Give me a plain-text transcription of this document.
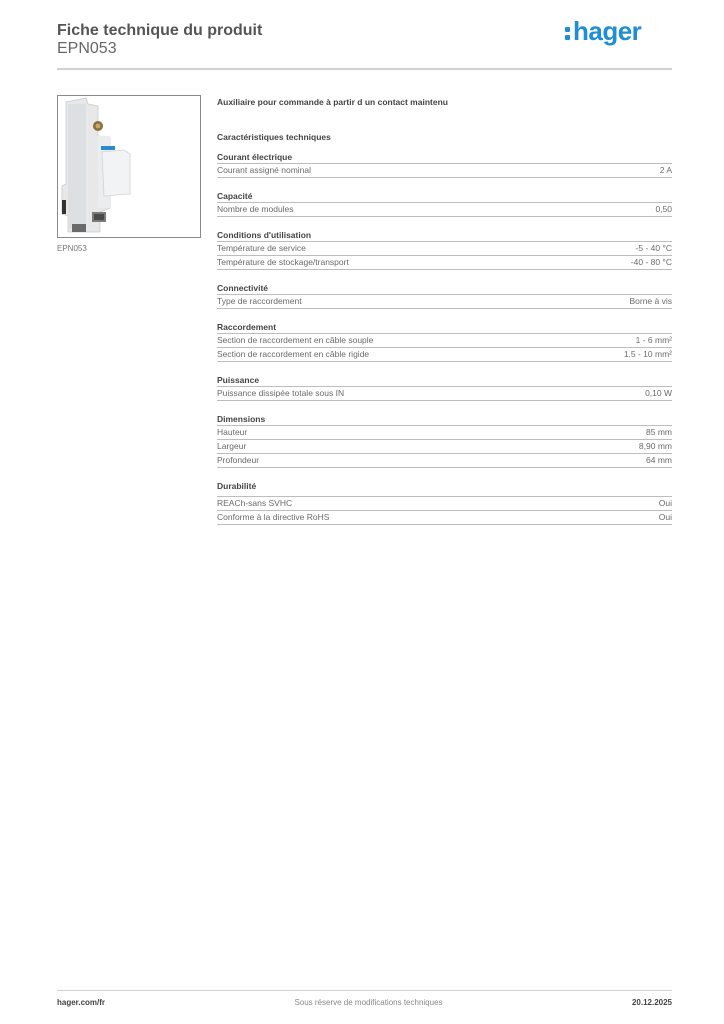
Fiche technique du produit
EPN053
hager
EPN053
Auxiliaire pour commande à partir d un contact maintenu
Caractéristiques techniques
Courant électrique
Courant assigné nominal	2 A
Capacité
Nombre de modules	0,50
Conditions d'utilisation
Température de service	-5 - 40 °C
Température de stockage/transport	-40 - 80 °C
Connectivité
Type de raccordement	Borne à vis
Raccordement
Section de raccordement en câble souple	1 - 6 mm²
Section de raccordement en câble rigide	1.5 - 10 mm²
Puissance
Puissance dissipée totale sous IN	0,10 W
Dimensions
Hauteur	85 mm
Largeur	8,90 mm
Profondeur	64 mm
Durabilité
REACh-sans SVHC	Oui
Conforme à la directive RoHS	Oui
hager.com/fr	Sous réserve de modifications techniques	20.12.2025
